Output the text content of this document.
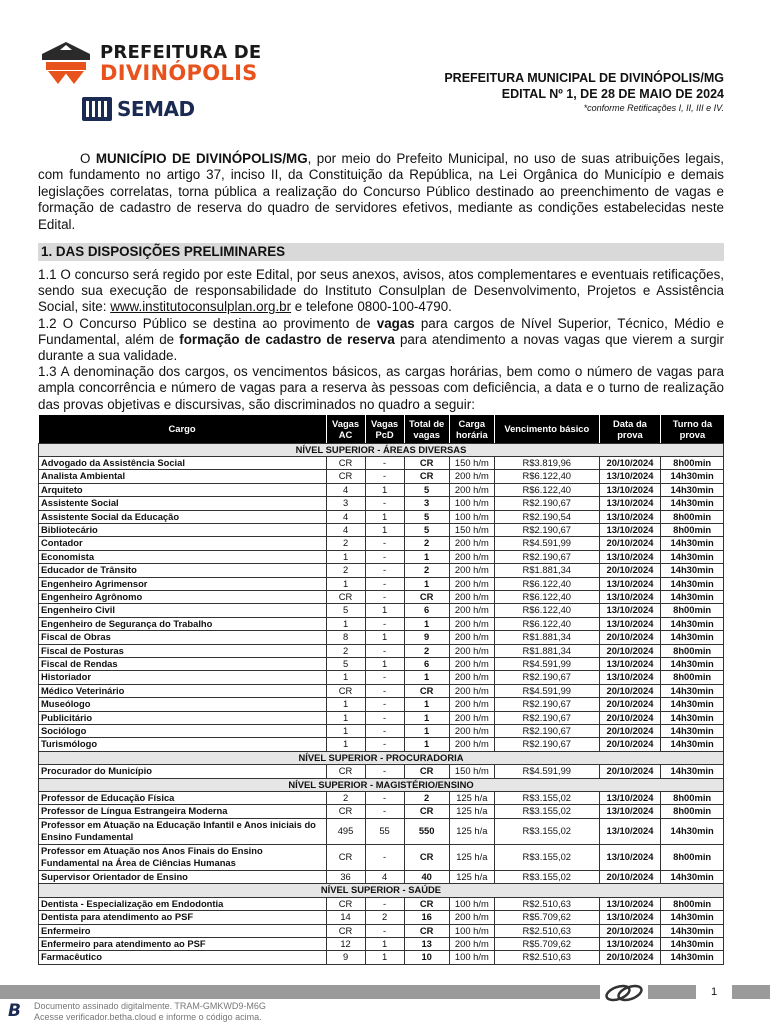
PREFEITURA DE
DIVINÓPOLIS
SEMAD
PREFEITURA MUNICIPAL DE DIVINÓPOLIS/MG
EDITAL Nº 1, DE 28 DE MAIO DE 2024
*conforme Retificações I, II, III e IV.
O MUNICÍPIO DE DIVINÓPOLIS/MG, por meio do Prefeito Municipal, no uso de suas atribuições legais, com fundamento no artigo 37, inciso II, da Constituição da República, na Lei Orgânica do Município e demais legislações correlatas, torna pública a realização do Concurso Público destinado ao preenchimento de vagas e formação de cadastro de reserva do quadro de servidores efetivos, mediante as condições estabelecidas neste Edital.
1. DAS DISPOSIÇÕES PRELIMINARES

1.1 O concurso será regido por este Edital, por seus anexos, avisos, atos complementares e eventuais retificações, sendo sua execução de responsabilidade do Instituto Consulplan de Desenvolvimento, Projetos e Assistência Social, site: www.institutoconsulplan.org.br e telefone 0800-100-4790.

1.2 O Concurso Público se destina ao provimento de vagas para cargos de Nível Superior, Técnico, Médio e Fundamental, além de formação de cadastro de reserva para atendimento a novas vagas que vierem a surgir durante a sua validade.

1.3 A denominação dos cargos, os vencimentos básicos, as cargas horárias, bem como o número de vagas para ampla concorrência e número de vagas para a reserva às pessoas com deficiência, a data e o turno de realização das provas objetivas e discursivas, são discriminados no quadro a seguir:

Cargo	Vagas AC	Vagas PcD	Total de vagas	Carga horária	Vencimento básico	Data da prova	Turno da prova
NÍVEL SUPERIOR - ÁREAS DIVERSAS							
Advogado da Assistência Social	CR	-	CR	150 h/m	R$3.819,96	20/10/2024	8h00min
Analista Ambiental	CR	-	CR	200 h/m	R$6.122,40	13/10/2024	14h30min
Arquiteto	4	1	5	200 h/m	R$6.122,40	13/10/2024	14h30min
Assistente Social	3	-	3	100 h/m	R$2.190,67	13/10/2024	14h30min
Assistente Social da Educação	4	1	5	100 h/m	R$2.190,54	13/10/2024	8h00min
Bibliotecário	4	1	5	150 h/m	R$2.190,67	13/10/2024	8h00min
Contador	2	-	2	200 h/m	R$4.591,99	20/10/2024	14h30min
Economista	1	-	1	200 h/m	R$2.190,67	13/10/2024	14h30min
Educador de Trânsito	2	-	2	200 h/m	R$1.881,34	20/10/2024	14h30min
Engenheiro Agrimensor	1	-	1	200 h/m	R$6.122,40	13/10/2024	14h30min
Engenheiro Agrônomo	CR	-	CR	200 h/m	R$6.122,40	13/10/2024	14h30min
Engenheiro Civil	5	1	6	200 h/m	R$6.122,40	13/10/2024	8h00min
Engenheiro de Segurança do Trabalho	1	-	1	200 h/m	R$6.122,40	13/10/2024	14h30min
Fiscal de Obras	8	1	9	200 h/m	R$1.881,34	20/10/2024	14h30min
Fiscal de Posturas	2	-	2	200 h/m	R$1.881,34	20/10/2024	8h00min
Fiscal de Rendas	5	1	6	200 h/m	R$4.591,99	13/10/2024	14h30min
Historiador	1	-	1	200 h/m	R$2.190,67	13/10/2024	8h00min
Médico Veterinário	CR	-	CR	200 h/m	R$4.591,99	20/10/2024	14h30min
Museólogo	1	-	1	200 h/m	R$2.190,67	20/10/2024	14h30min
Publicitário	1	-	1	200 h/m	R$2.190,67	20/10/2024	14h30min
Sociólogo	1	-	1	200 h/m	R$2.190,67	20/10/2024	14h30min
Turismólogo	1	-	1	200 h/m	R$2.190,67	20/10/2024	14h30min
NÍVEL SUPERIOR - PROCURADORIA							
Procurador do Município	CR	-	CR	150 h/m	R$4.591,99	20/10/2024	14h30min
NÍVEL SUPERIOR - MAGISTÉRIO/ENSINO							
Professor de Educação Física	2	-	2	125 h/a	R$3.155,02	13/10/2024	8h00min
Professor de Língua Estrangeira Moderna	CR	-	CR	125 h/a	R$3.155,02	13/10/2024	8h00min
Professor em Atuação na Educação Infantil e Anos iniciais do Ensino Fundamental	495	55	550	125 h/a	R$3.155,02	13/10/2024	14h30min
Professor em Atuação nos Anos Finais do Ensino Fundamental na Área de Ciências Humanas	CR	-	CR	125 h/a	R$3.155,02	13/10/2024	8h00min
Supervisor Orientador de Ensino	36	4	40	125 h/a	R$3.155,02	20/10/2024	14h30min
NÍVEL SUPERIOR - SAÚDE							
Dentista - Especialização em Endodontia	CR	-	CR	100 h/m	R$2.510,63	13/10/2024	8h00min
Dentista para atendimento ao PSF	14	2	16	200 h/m	R$5.709,62	13/10/2024	14h30min
Enfermeiro	CR	-	CR	100 h/m	R$2.510,63	20/10/2024	14h30min
Enfermeiro para atendimento ao PSF	12	1	13	200 h/m	R$5.709,62	13/10/2024	14h30min
Farmacêutico	9	1	10	100 h/m	R$2.510,63	20/10/2024	14h30min
1
B Documento assinado digitalmente. TRAM-GMKWD9-M6G
Acesse verificador.betha.cloud e informe o código acima.
